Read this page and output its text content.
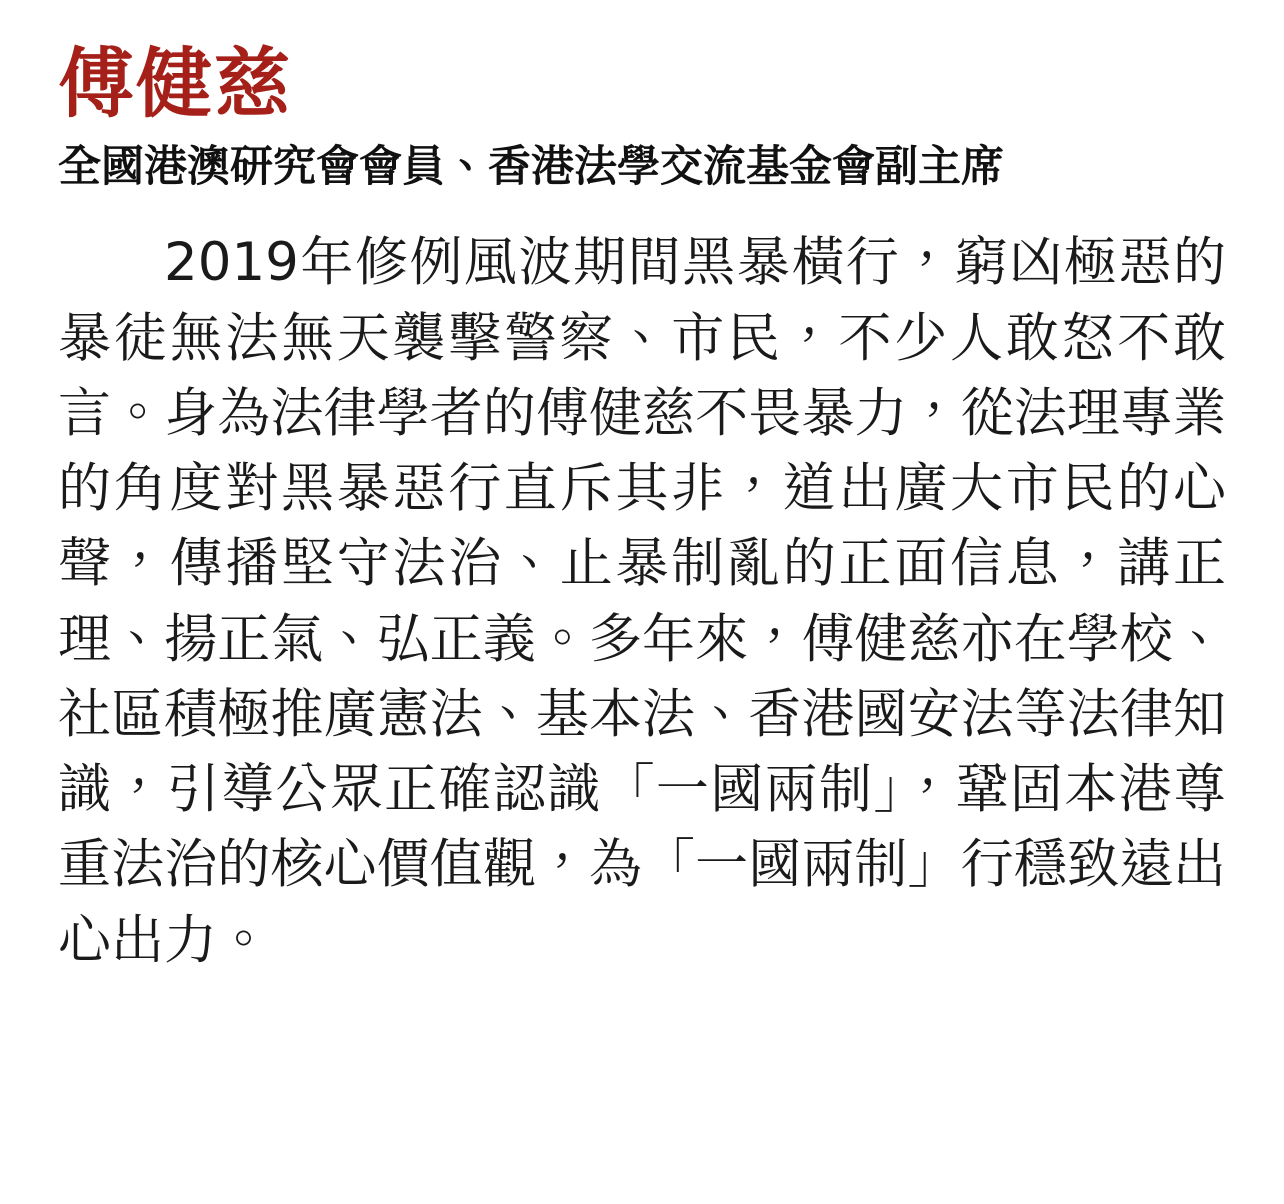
傅健慈
全國港澳研究會會員、香港法學交流基金會副主席

2019年修例風波期間黑暴橫行，窮凶極惡的暴徒無法無天襲擊警察、市民，不少人敢怒不敢言。身為法律學者的傅健慈不畏暴力，從法理專業的角度對黑暴惡行直斥其非，道出廣大市民的心聲，傳播堅守法治、止暴制亂的正面信息，講正理、揚正氣、弘正義。多年來，傅健慈亦在學校、社區積極推廣憲法、基本法、香港國安法等法律知識，引導公眾正確認識「一國兩制」，鞏固本港尊重法治的核心價值觀，為「一國兩制」行穩致遠出心出力。
